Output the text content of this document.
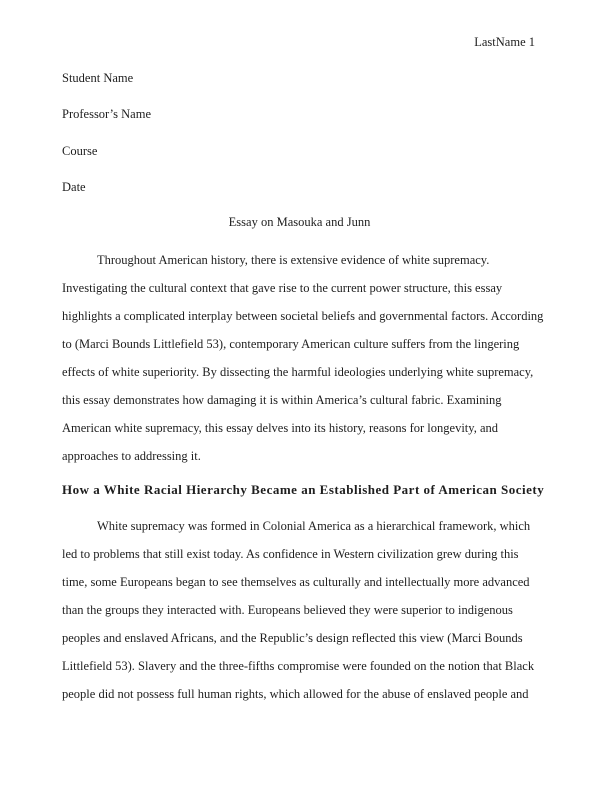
LastName 1
Student Name
Professor’s Name
Course
Date
Essay on Masouka and Junn
Throughout American history, there is extensive evidence of white supremacy.
Investigating the cultural context that gave rise to the current power structure, this essay
highlights a complicated interplay between societal beliefs and governmental factors. According
to (Marci Bounds Littlefield 53), contemporary American culture suffers from the lingering
effects of white superiority. By dissecting the harmful ideologies underlying white supremacy,
this essay demonstrates how damaging it is within America’s cultural fabric. Examining
American white supremacy, this essay delves into its history, reasons for longevity, and
approaches to addressing it.
How a White Racial Hierarchy Became an Established Part of American Society
White supremacy was formed in Colonial America as a hierarchical framework, which
led to problems that still exist today. As confidence in Western civilization grew during this
time, some Europeans began to see themselves as culturally and intellectually more advanced
than the groups they interacted with. Europeans believed they were superior to indigenous
peoples and enslaved Africans, and the Republic’s design reflected this view (Marci Bounds
Littlefield 53). Slavery and the three-fifths compromise were founded on the notion that Black
people did not possess full human rights, which allowed for the abuse of enslaved people and
